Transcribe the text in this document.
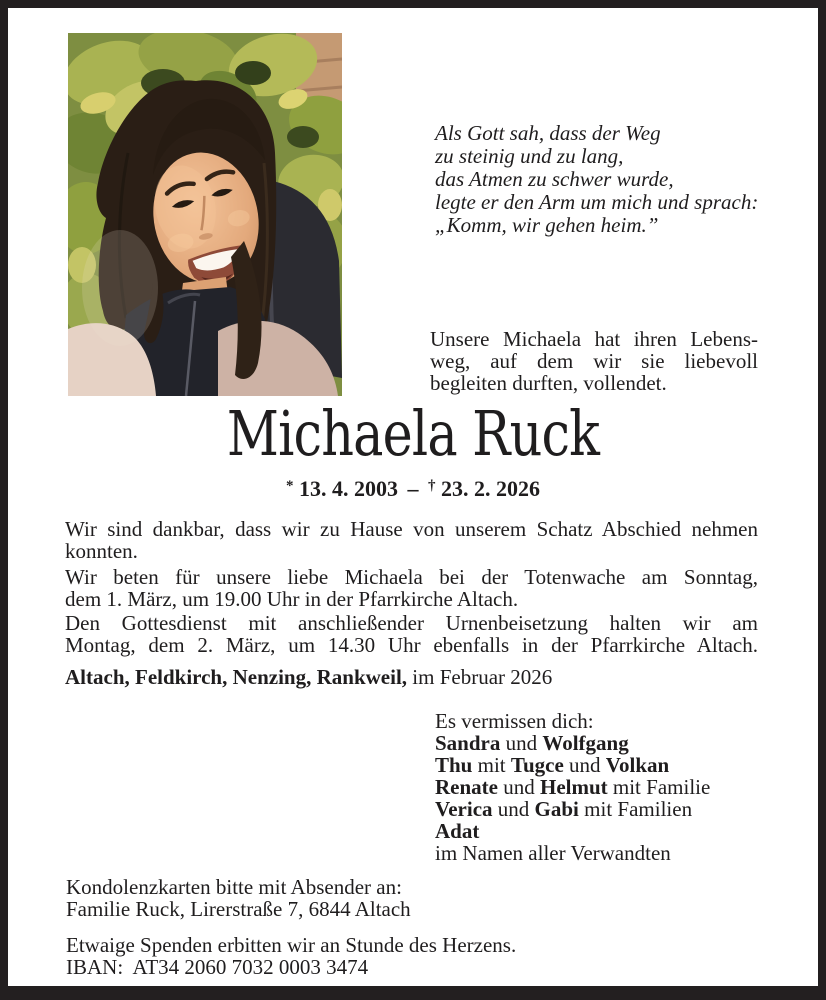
Als Gott sah, dass der Weg
zu steinig und zu lang,
das Atmen zu schwer wurde,
legte er den Arm um mich und sprach:
„Komm, wir gehen heim.”
Unsere Michaela hat ihren Lebens-
weg, auf dem wir sie liebevoll
begleiten durften, vollendet.
Michaela Ruck
* 13. 4. 2003 – † 23. 2. 2026
Wir sind dankbar, dass wir zu Hause von unserem Schatz Abschied nehmen
konnten.
Wir beten für unsere liebe Michaela bei der Totenwache am Sonntag,
dem 1. März, um 19.00 Uhr in der Pfarrkirche Altach.
Den Gottesdienst mit anschließender Urnenbeisetzung halten wir am
Montag, dem 2. März, um 14.30 Uhr ebenfalls in der Pfarrkirche Altach.
Altach, Feldkirch, Nenzing, Rankweil, im Februar 2026
Es vermissen dich:
Sandra und Wolfgang
Thu mit Tugce und Volkan
Renate und Helmut mit Familie
Verica und Gabi mit Familien
Adat
im Namen aller Verwandten
Kondolenzkarten bitte mit Absender an:
Familie Ruck, Lirerstraße 7, 6844 Altach
Etwaige Spenden erbitten wir an Stunde des Herzens.
IBAN: AT34 2060 7032 0003 3474
